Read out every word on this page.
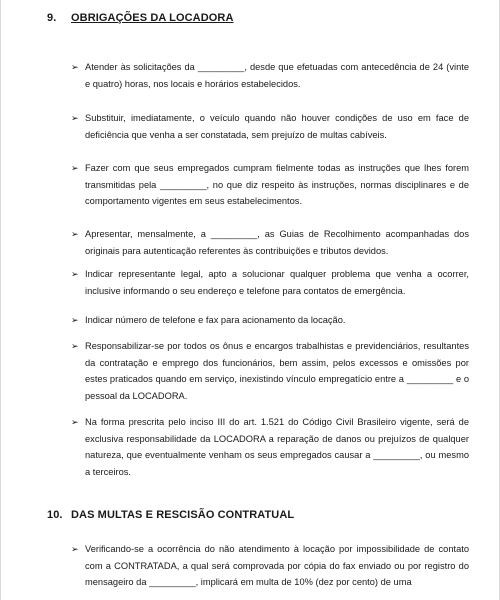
9. OBRIGAÇÕES DA LOCADORA
➢ Atender às solicitações da _________, desde que efetuadas com antecedência de 24 (vinte e quatro) horas, nos locais e horários estabelecidos.
➢ Substituir, imediatamente, o veículo quando não houver condições de uso em face de deficiência que venha a ser constatada, sem prejuízo de multas cabíveis.
➢ Fazer com que seus empregados cumpram fielmente todas as instruções que lhes forem transmitidas pela _________, no que diz respeito às instruções, normas disciplinares e de comportamento vigentes em seus estabelecimentos.
➢ Apresentar, mensalmente, a _________, as Guias de Recolhimento acompanhadas dos originais para autenticação referentes às contribuições e tributos devidos.
➢ Indicar representante legal, apto a solucionar qualquer problema que venha a ocorrer, inclusive informando o seu endereço e telefone para contatos de emergência.
➢ Indicar número de telefone e fax para acionamento da locação.
➢ Responsabilizar-se por todos os ônus e encargos trabalhistas e previdenciários, resultantes da contratação e emprego dos funcionários, bem assim, pelos excessos e omissões por estes praticados quando em serviço, inexistindo vínculo empregatício entre a _________ e o pessoal da LOCADORA.
➢ Na forma prescrita pelo inciso III do art. 1.521 do Código Civil Brasileiro vigente, será de exclusiva responsabilidade da LOCADORA a reparação de danos ou prejuízos de qualquer natureza, que eventualmente venham os seus empregados causar a _________, ou mesmo a terceiros.
10. DAS MULTAS E RESCISÃO CONTRATUAL
➢ Verificando-se a ocorrência do não atendimento à locação por impossibilidade de contato com a CONTRATADA, a qual será comprovada por cópia do fax enviado ou por registro do mensageiro da _________, implicará em multa de 10% (dez por cento) de uma
